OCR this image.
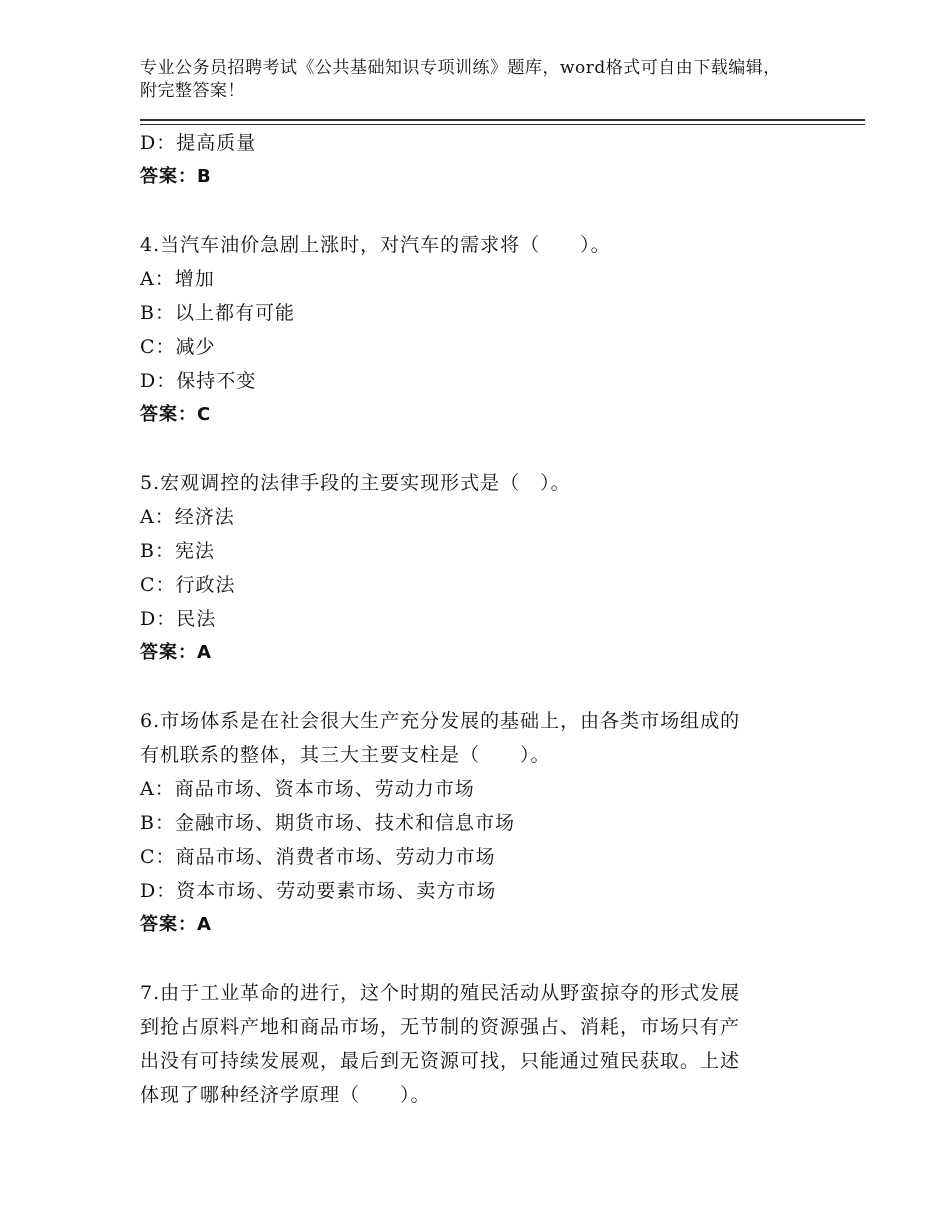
专业公务员招聘考试《公共基础知识专项训练》题库，word格式可自由下载编辑，附完整答案！
D：提高质量
答案：B
4.当汽车油价急剧上涨时，对汽车的需求将（　　）。
A：增加
B：以上都有可能
C：减少
D：保持不变
答案：C
5.宏观调控的法律手段的主要实现形式是（　）。
A：经济法
B：宪法
C：行政法
D：民法
答案：A
6.市场体系是在社会很大生产充分发展的基础上，由各类市场组成的
有机联系的整体，其三大主要支柱是（　　）。
A：商品市场、资本市场、劳动力市场
B：金融市场、期货市场、技术和信息市场
C：商品市场、消费者市场、劳动力市场
D：资本市场、劳动要素市场、卖方市场
答案：A
7.由于工业革命的进行，这个时期的殖民活动从野蛮掠夺的形式发展
到抢占原料产地和商品市场，无节制的资源强占、消耗，市场只有产
出没有可持续发展观，最后到无资源可找，只能通过殖民获取。上述
体现了哪种经济学原理（　　）。
